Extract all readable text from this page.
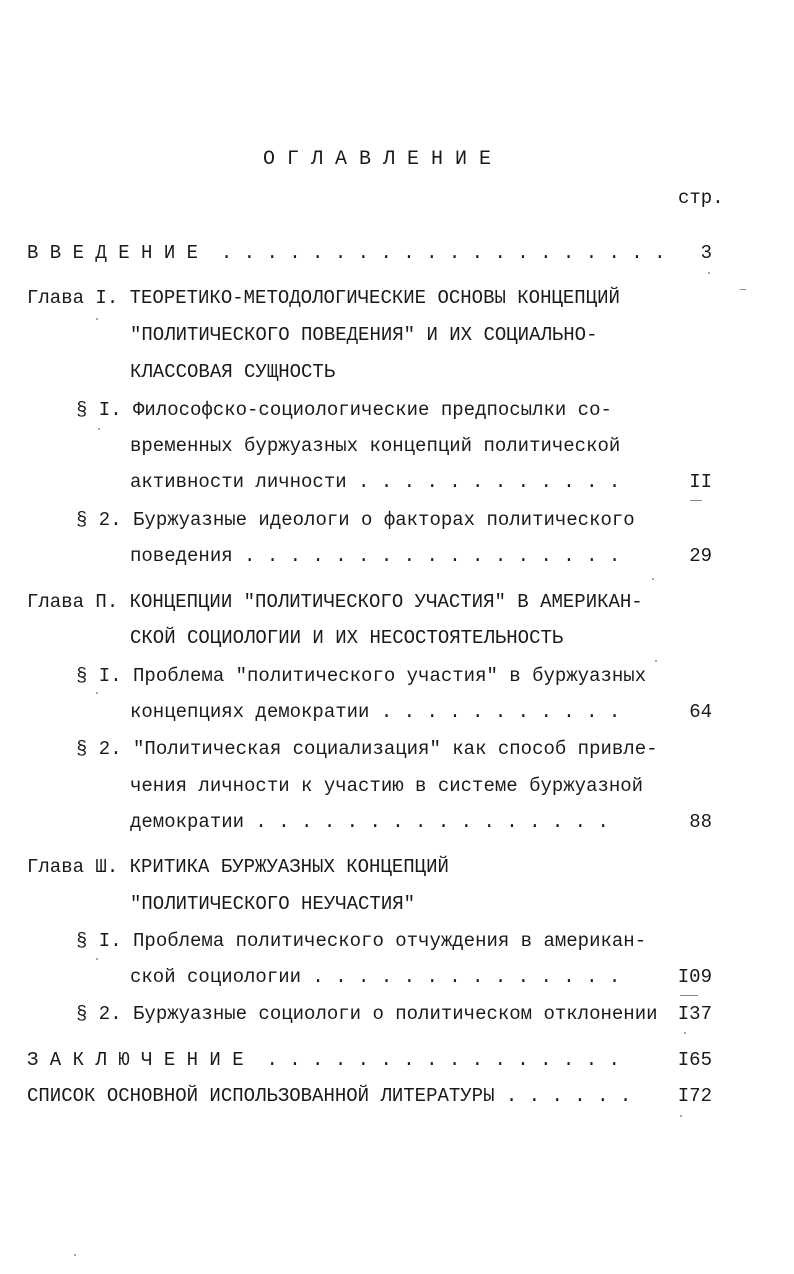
О Г Л А В Л Е Н И Е
стр.
В В Е Д Е Н И Е  . . . . . . . . . . . . . . . . . . . .	3
Глава I. ТЕОРЕТИКО-МЕТОДОЛОГИЧЕСКИЕ ОСНОВЫ КОНЦЕПЦИЙ
"ПОЛИТИЧЕСКОГО ПОВЕДЕНИЯ" И ИХ СОЦИАЛЬНО-
КЛАССОВАЯ СУЩНОСТЬ
§ I. Философско-социологические предпосылки со-
временных буржуазных концепций политической
активности личности . . . . . . . . . . . .	II
§ 2. Буржуазные идеологи о факторах политического
поведения . . . . . . . . . . . . . . . . .	29
Глава П. КОНЦЕПЦИИ "ПОЛИТИЧЕСКОГО УЧАСТИЯ" В АМЕРИКАН-
СКОЙ СОЦИОЛОГИИ И ИХ НЕСОСТОЯТЕЛЬНОСТЬ
§ I. Проблема "политического участия" в буржуазных
концепциях демократии . . . . . . . . . . .	64
§ 2. "Политическая социализация" как способ привле-
чения личности к участию в системе буржуазной
демократии . . . . . . . . . . . . . . . .	88
Глава Ш. КРИТИКА БУРЖУАЗНЫХ КОНЦЕПЦИЙ
"ПОЛИТИЧЕСКОГО НЕУЧАСТИЯ"
§ I. Проблема политического отчуждения в американ-
ской социологии . . . . . . . . . . . . . .	I09
§ 2. Буржуазные социологи о политическом отклонении	I37
З А К Л Ю Ч Е Н И Е  . . . . . . . . . . . . . . . .	I65
СПИСОК ОСНОВНОЙ ИСПОЛЬЗОВАННОЙ ЛИТЕРАТУРЫ . . . . . .	I72
